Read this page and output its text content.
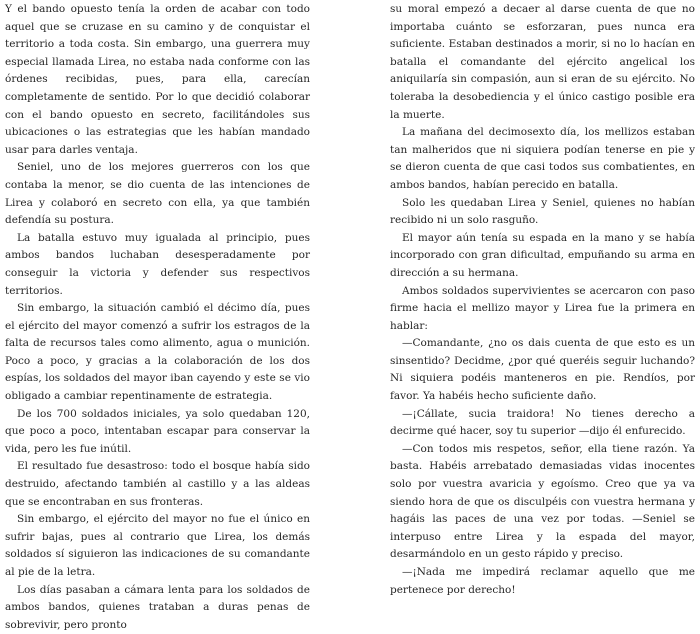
Y el bando opuesto tenía la orden de acabar con todo aquel que se cruzase en su camino y de conquistar el territorio a toda costa. Sin embargo, una guerrera muy especial llamada Lirea, no estaba nada conforme con las órdenes recibidas, pues, para ella, carecían completamente de sentido. Por lo que decidió colaborar con el bando opuesto en secreto, facilitándoles sus ubicaciones o las estrategias que les habían mandado usar para darles ventaja.

Seniel, uno de los mejores guerreros con los que contaba la menor, se dio cuenta de las intenciones de Lirea y colaboró en secreto con ella, ya que también defendía su postura.

La batalla estuvo muy igualada al principio, pues ambos bandos luchaban desesperadamente por conseguir la victoria y defender sus respectivos territorios.

Sin embargo, la situación cambió el décimo día, pues el ejército del mayor comenzó a sufrir los estragos de la falta de recursos tales como alimento, agua o munición. Poco a poco, y gracias a la colaboración de los dos espías, los soldados del mayor iban cayendo y este se vio obligado a cambiar repentinamente de estrategia.

De los 700 soldados iniciales, ya solo quedaban 120, que poco a poco, intentaban escapar para conservar la vida, pero les fue inútil.

El resultado fue desastroso: todo el bosque había sido destruido, afectando también al castillo y a las aldeas que se encontraban en sus fronteras.

Sin embargo, el ejército del mayor no fue el único en sufrir bajas, pues al contrario que Lirea, los demás soldados sí siguieron las indicaciones de su comandante al pie de la letra.

Los días pasaban a cámara lenta para los soldados de ambos bandos, quienes trataban a duras penas de sobrevivir, pero pronto

su moral empezó a decaer al darse cuenta de que no importaba cuánto se esforzaran, pues nunca era suficiente. Estaban destinados a morir, si no lo hacían en batalla el comandante del ejército angelical los aniquilaría sin compasión, aun si eran de su ejército. No toleraba la desobediencia y el único castigo posible era la muerte.

La mañana del decimosexto día, los mellizos estaban tan malheridos que ni siquiera podían tenerse en pie y se dieron cuenta de que casi todos sus combatientes, en ambos bandos, habían perecido en batalla.

Solo les quedaban Lirea y Seniel, quienes no habían recibido ni un solo rasguño.

El mayor aún tenía su espada en la mano y se había incorporado con gran dificultad, empuñando su arma en dirección a su hermana.

Ambos soldados supervivientes se acercaron con paso firme hacia el mellizo mayor y Lirea fue la primera en hablar:

—Comandante, ¿no os dais cuenta de que esto es un sinsentido? Decidme, ¿por qué queréis seguir luchando? Ni siquiera podéis manteneros en pie. Rendíos, por favor. Ya habéis hecho suficiente daño.

—¡Cállate, sucia traidora! No tienes derecho a decirme qué hacer, soy tu superior —dijo él enfurecido.

—Con todos mis respetos, señor, ella tiene razón. Ya basta. Habéis arrebatado demasiadas vidas inocentes solo por vuestra avaricia y egoísmo. Creo que ya va siendo hora de que os disculpéis con vuestra hermana y hagáis las paces de una vez por todas. —Seniel se interpuso entre Lirea y la espada del mayor, desarmándolo en un gesto rápido y preciso.

—¡Nada me impedirá reclamar aquello que me pertenece por derecho!
